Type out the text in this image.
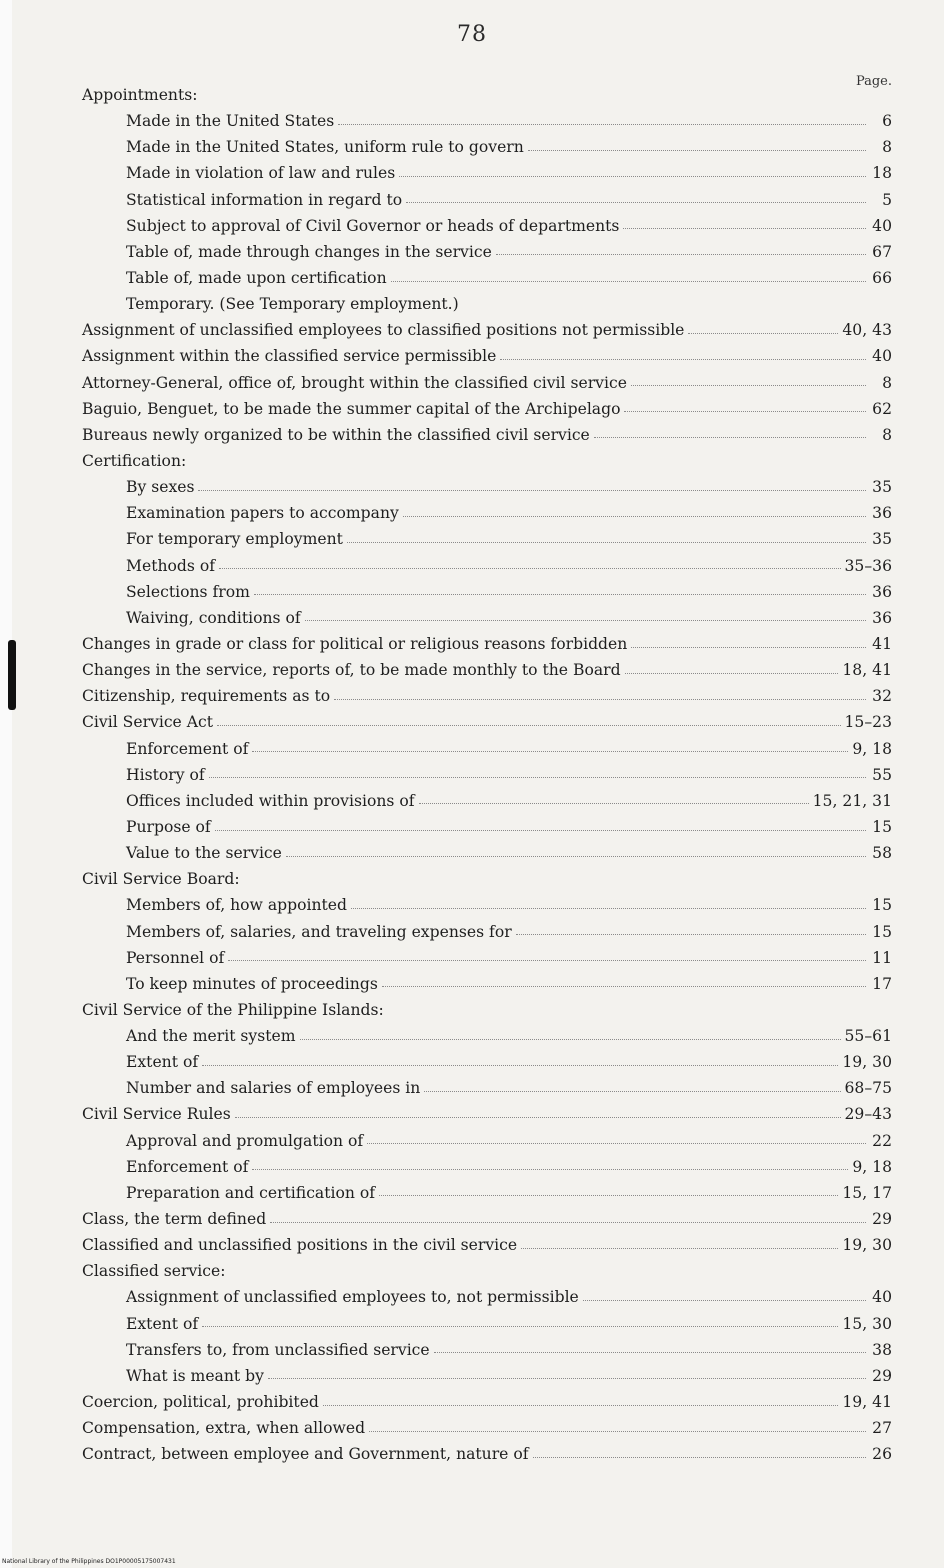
78
Page.
Appointments:
Made in the United States	6
Made in the United States, uniform rule to govern	8
Made in violation of law and rules	18
Statistical information in regard to	5
Subject to approval of Civil Governor or heads of departments	40
Table of, made through changes in the service	67
Table of, made upon certification	66
Temporary. (See Temporary employment.)
Assignment of unclassified employees to classified positions not permissible	40, 43
Assignment within the classified service permissible	40
Attorney-General, office of, brought within the classified civil service	8
Baguio, Benguet, to be made the summer capital of the Archipelago	62
Bureaus newly organized to be within the classified civil service	8
Certification:
By sexes	35
Examination papers to accompany	36
For temporary employment	35
Methods of	35–36
Selections from	36
Waiving, conditions of	36
Changes in grade or class for political or religious reasons forbidden	41
Changes in the service, reports of, to be made monthly to the Board	18, 41
Citizenship, requirements as to	32
Civil Service Act	15–23
Enforcement of	9, 18
History of	55
Offices included within provisions of	15, 21, 31
Purpose of	15
Value to the service	58
Civil Service Board:
Members of, how appointed	15
Members of, salaries, and traveling expenses for	15
Personnel of	11
To keep minutes of proceedings	17
Civil Service of the Philippine Islands:
And the merit system	55–61
Extent of	19, 30
Number and salaries of employees in	68–75
Civil Service Rules	29–43
Approval and promulgation of	22
Enforcement of	9, 18
Preparation and certification of	15, 17
Class, the term defined	29
Classified and unclassified positions in the civil service	19, 30
Classified service:
Assignment of unclassified employees to, not permissible	40
Extent of	15, 30
Transfers to, from unclassified service	38
What is meant by	29
Coercion, political, prohibited	19, 41
Compensation, extra, when allowed	27
Contract, between employee and Government, nature of	26
National Library of the Philippines DO1P00005175007431
